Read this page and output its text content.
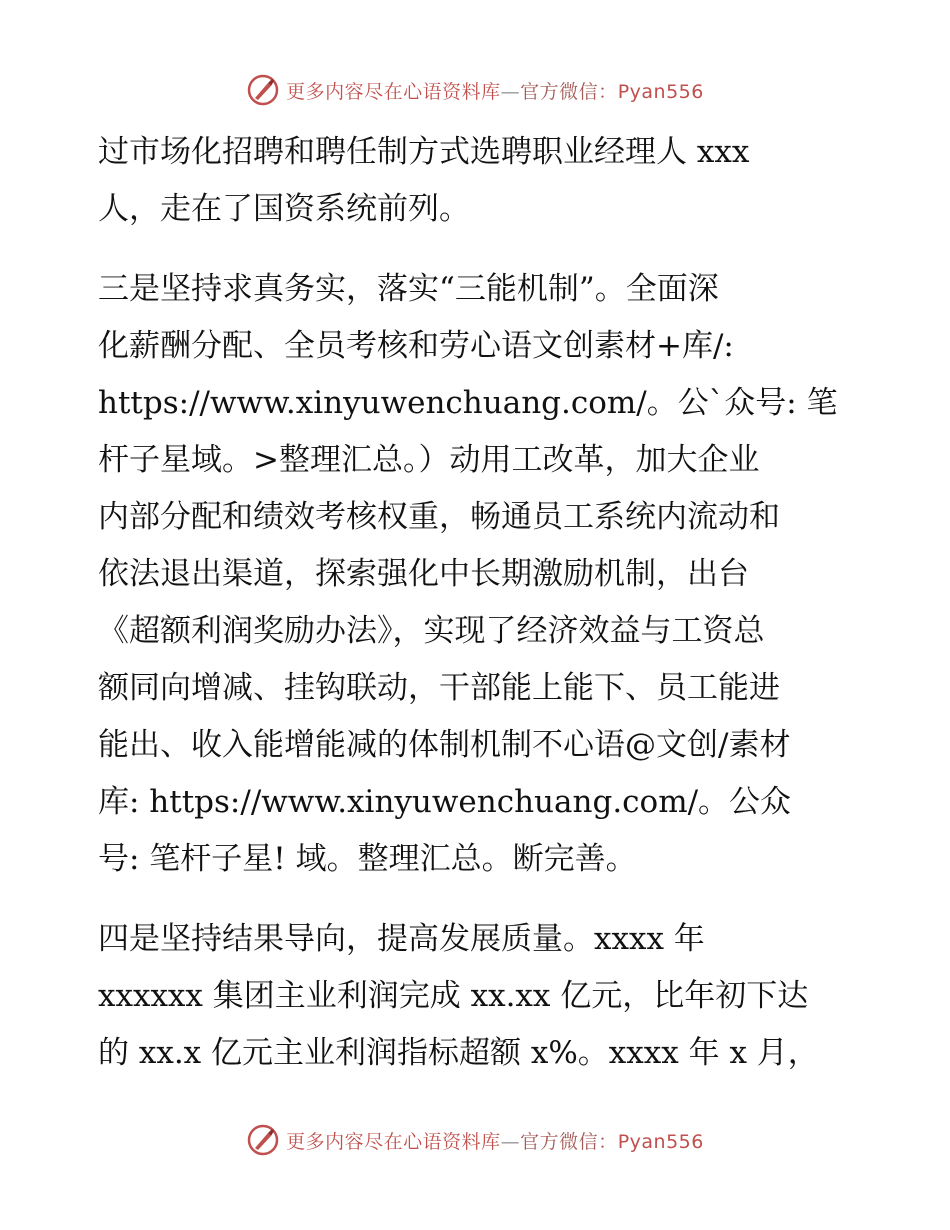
更多内容尽在心语资料库—官方微信：Pyan556
过市场化招聘和聘任制方式选聘职业经理人 xxx
人，走在了国资系统前列。
三是坚持求真务实，落实“三能机制”。全面深
化薪酬分配、全员考核和劳心语文创素材+库/:
https://www.xinyuwenchuang.com/。公`众号: 笔
杆子星域。>整理汇总。）动用工改革，加大企业
内部分配和绩效考核权重，畅通员工系统内流动和
依法退出渠道，探索强化中长期激励机制，出台
《超额利润奖励办法》，实现了经济效益与工资总
额同向增减、挂钩联动，干部能上能下、员工能进
能出、收入能增能减的体制机制不心语@文创/素材
库: https://www.xinyuwenchuang.com/。公众
号: 笔杆子星! 域。整理汇总。断完善。
四是坚持结果导向，提高发展质量。xxxx 年
xxxxxx 集团主业利润完成 xx.xx 亿元，比年初下达
的 xx.x 亿元主业利润指标超额 x%。xxxx 年 x 月，
更多内容尽在心语资料库—官方微信：Pyan556
